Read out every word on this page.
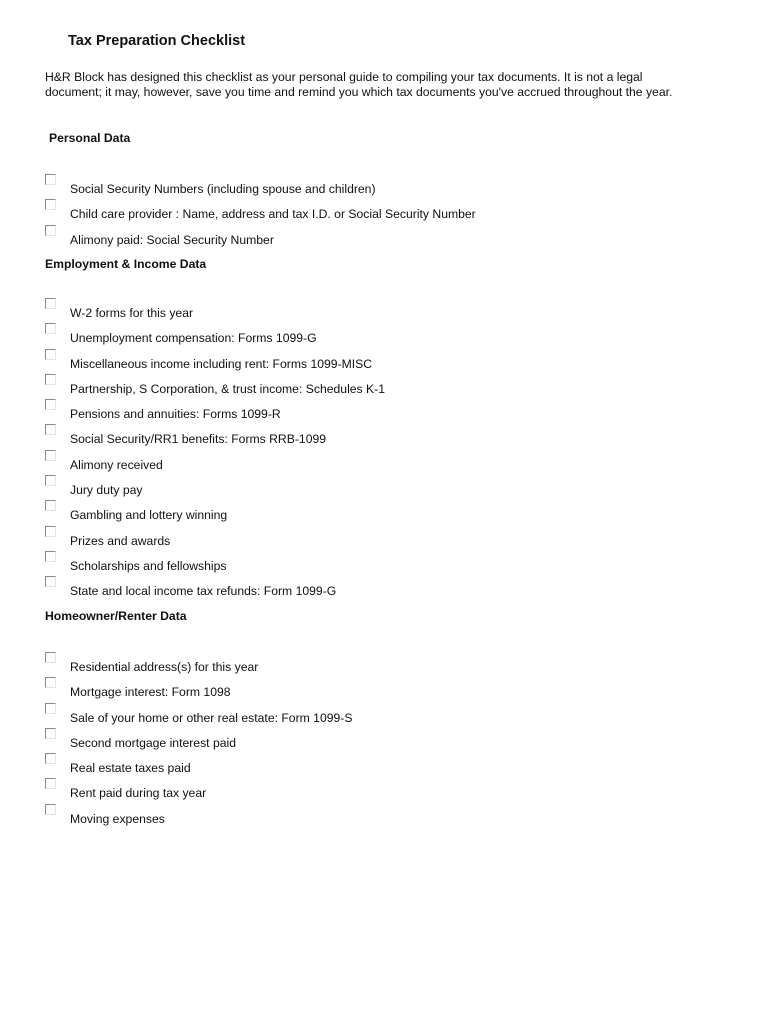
Tax Preparation Checklist
H&R Block has designed this checklist as your personal guide to compiling your tax documents. It is not a legal document; it may, however, save you time and remind you which tax documents you've accrued throughout the year.
Personal Data
Social Security Numbers (including spouse and children)
Child care provider : Name, address and tax I.D. or Social Security Number
Alimony paid: Social Security Number
Employment & Income Data
W-2 forms for this year
Unemployment compensation: Forms 1099-G
Miscellaneous income including rent: Forms 1099-MISC
Partnership, S Corporation, & trust income: Schedules K-1
Pensions and annuities: Forms 1099-R
Social Security/RR1 benefits: Forms RRB-1099
Alimony received
Jury duty pay
Gambling and lottery winning
Prizes and awards
Scholarships and fellowships
State and local income tax refunds: Form 1099-G
Homeowner/Renter Data
Residential address(s) for this year
Mortgage interest: Form 1098
Sale of your home or other real estate: Form 1099-S
Second mortgage interest paid
Real estate taxes paid
Rent paid during tax year
Moving expenses
